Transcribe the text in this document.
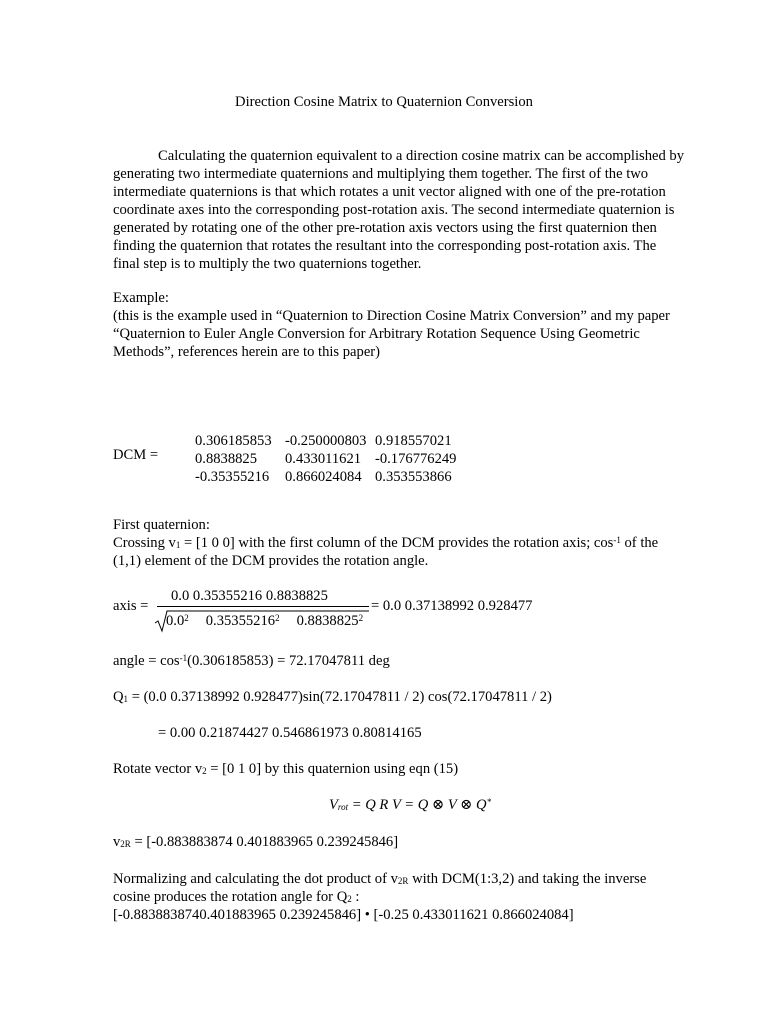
Direction Cosine Matrix to Quaternion Conversion
Calculating the quaternion equivalent to a direction cosine matrix can be accomplished by
generating two intermediate quaternions and multiplying them together. The first of the two
intermediate quaternions is that which rotates a unit vector aligned with one of the pre-rotation
coordinate axes into the corresponding post-rotation axis. The second intermediate quaternion is
generated by rotating one of the other pre-rotation axis vectors using the first quaternion then
finding the quaternion that rotates the resultant into the corresponding post-rotation axis. The
final step is to multiply the two quaternions together.
Example:
(this is the example used in “Quaternion to Direction Cosine Matrix Conversion” and my paper
“Quaternion to Euler Angle Conversion for Arbitrary Rotation Sequence Using Geometric
Methods”, references herein are to this paper)
DCM =
0.306185853 -0.250000803 0.918557021
0.8838825 0.433011621 -0.176776249
-0.35355216 0.866024084 0.353553866
First quaternion:
Crossing $v_1 = [1$ 0 0] with the first column of the DCM provides the rotation axis; $\cos^{-1}$ of the
(1,1) element of the DCM provides the rotation angle.
axis =
0.0 0.35355216 0.8838825
$0.0^2$ 0.35355216$^2$ $0.8838825^2$
= 0.0 0.37138992 0.928477
angle = $\cos^{-1}(0.306185853) = 72.17047811$ deg
$Q_1 = (0.0$ 0.37138992 0.928477)sin(72.17047811 / 2) cos(72.17047811 / 2)
= 0.00 0.21874427 0.546861973 0.80814165
Rotate vector $v_2 = [0$ 1 0] by this quaternion using eqn (15)
$V_{rot} = Q$ R V = Q ⊗ V ⊗ Q*
$v_{2R} = [-0.883883874$ 0.401883965 0.239245846]
Normalizing and calculating the dot product of $v_{2R}$ with DCM(1:3,2) and taking the inverse
cosine produces the rotation angle for $Q_2$ :
[-0.8838838740.401883965 0.239245846] • [-0.25 0.433011621 0.866024084]
